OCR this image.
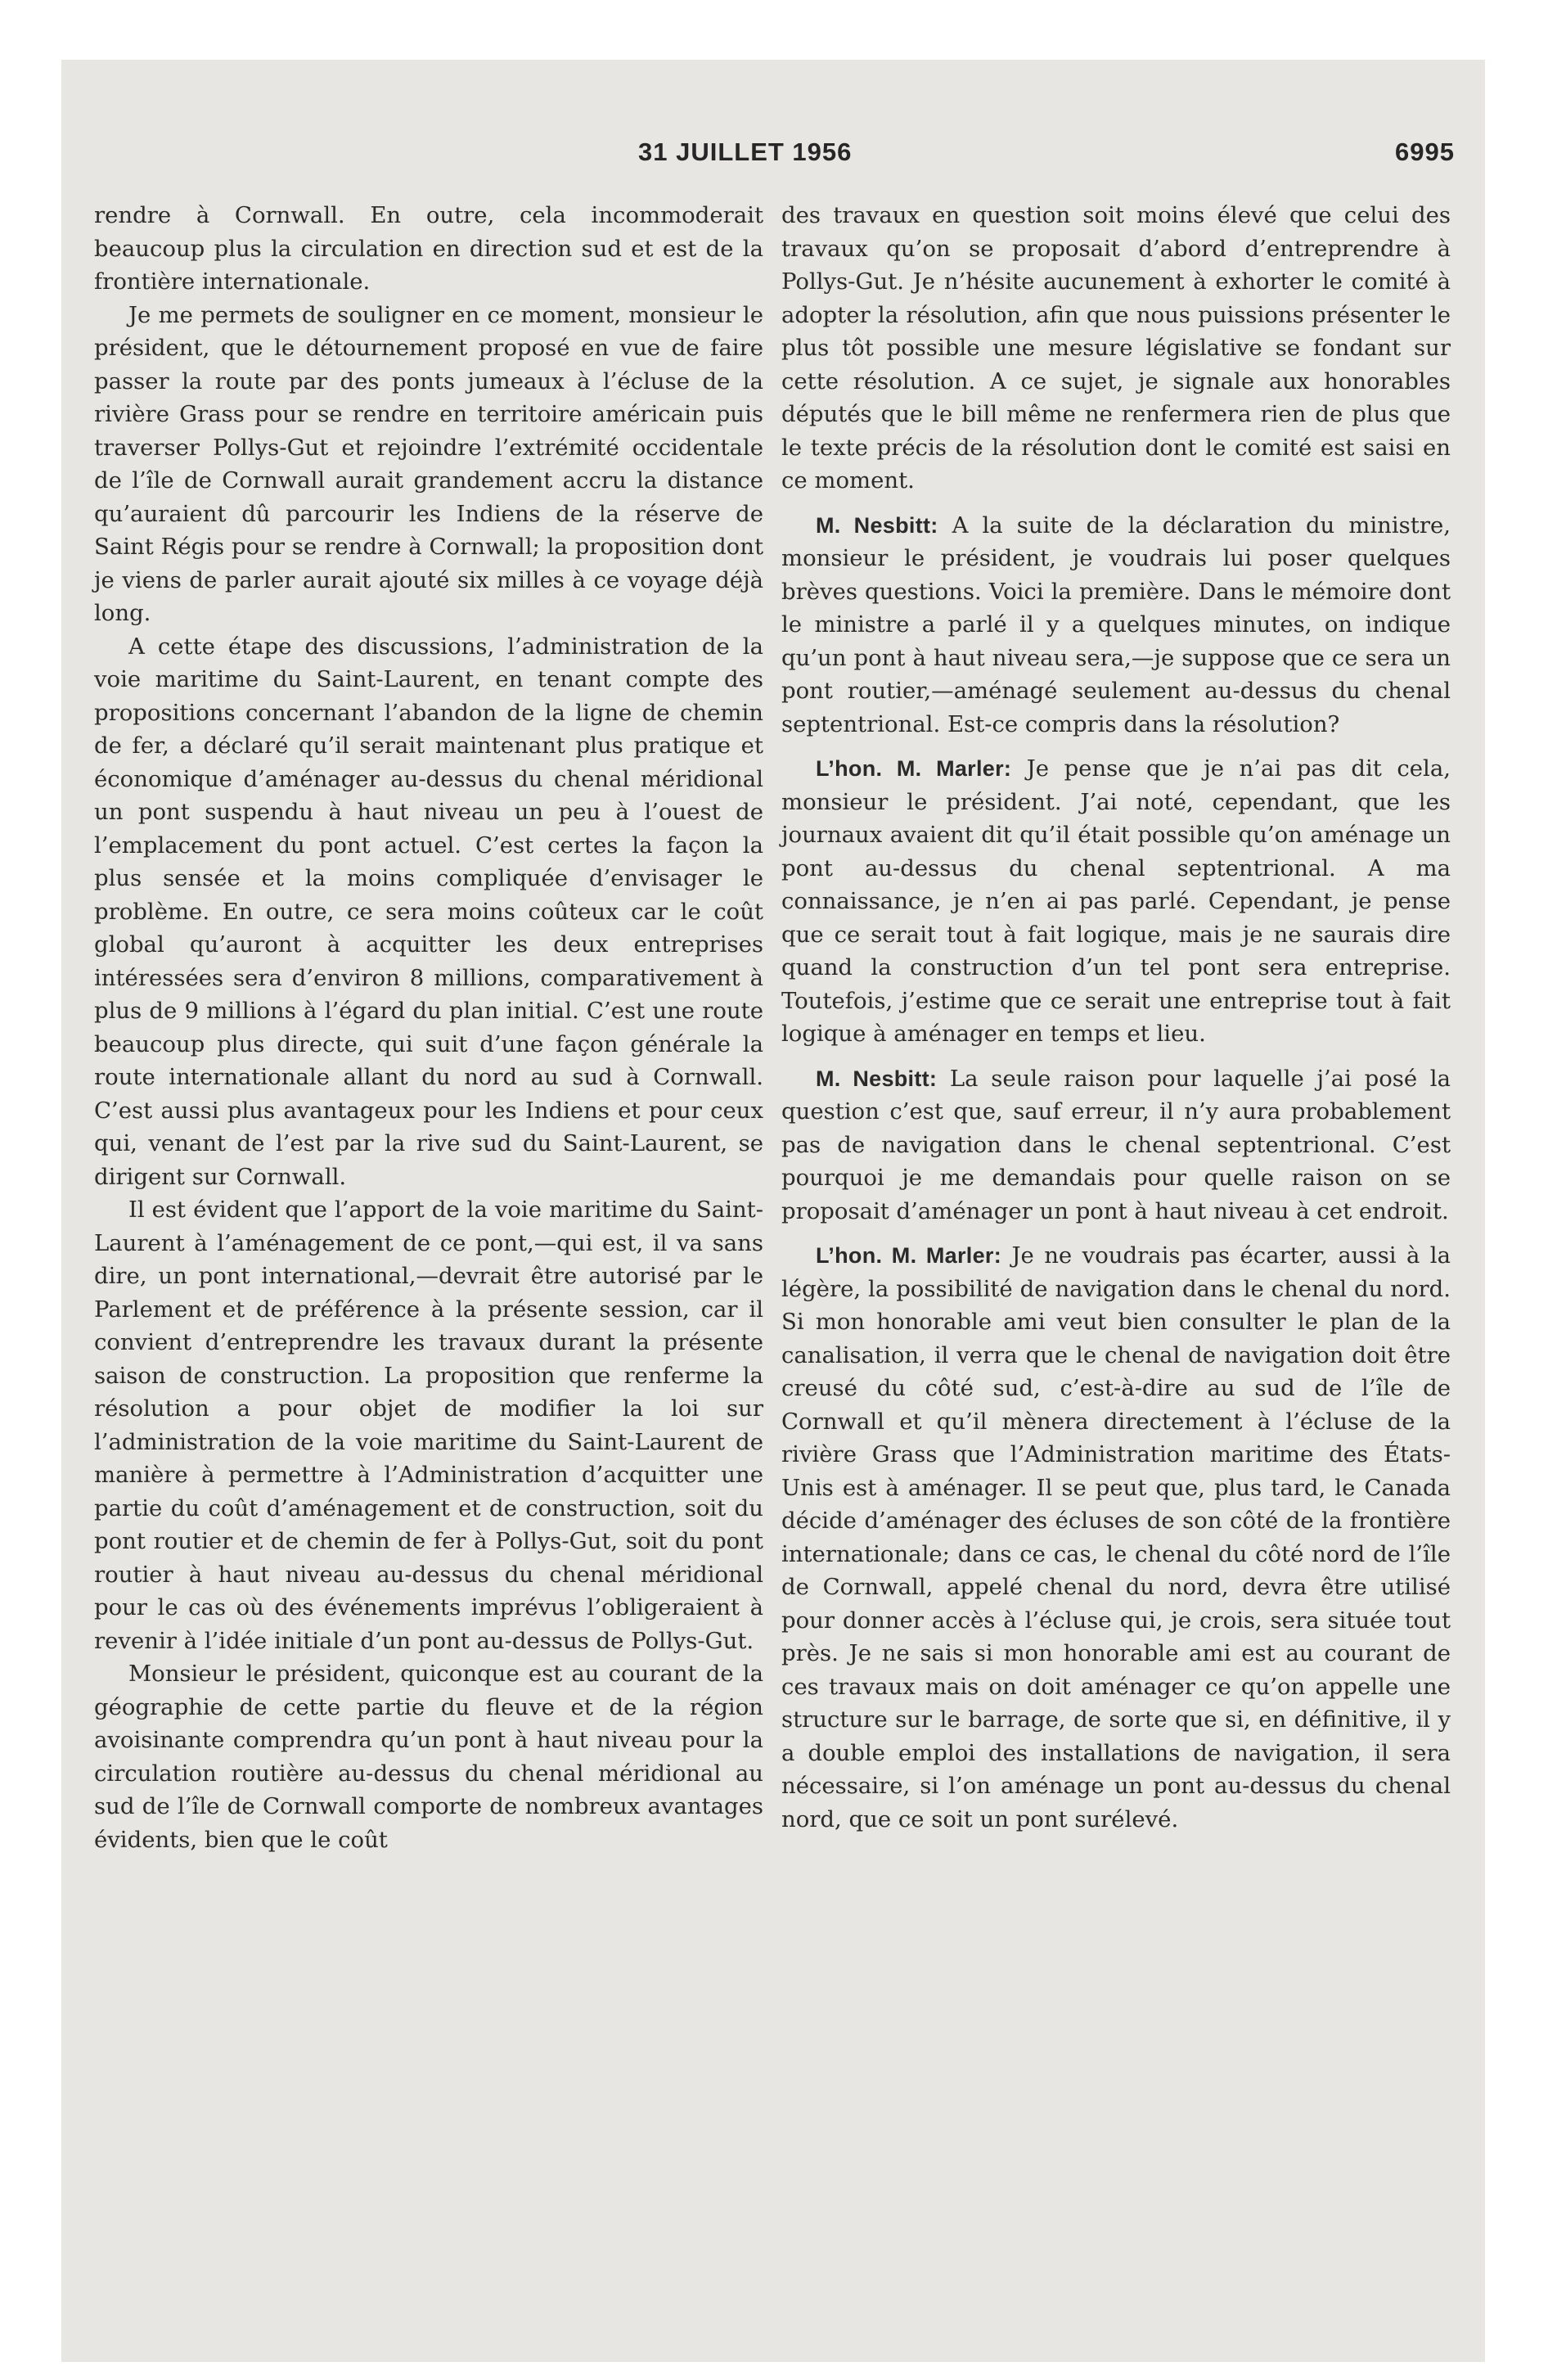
31 JUILLET 1956	6995

rendre à Cornwall. En outre, cela incommoderait beaucoup plus la circulation en direction sud et est de la frontière internationale.

Je me permets de souligner en ce moment, monsieur le président, que le détournement proposé en vue de faire passer la route par des ponts jumeaux à l’écluse de la rivière Grass pour se rendre en territoire américain puis traverser Pollys-Gut et rejoindre l’extrémité occidentale de l’île de Cornwall aurait grandement accru la distance qu’auraient dû parcourir les Indiens de la réserve de Saint Régis pour se rendre à Cornwall; la proposition dont je viens de parler aurait ajouté six milles à ce voyage déjà long.

A cette étape des discussions, l’administration de la voie maritime du Saint-Laurent, en tenant compte des propositions concernant l’abandon de la ligne de chemin de fer, a déclaré qu’il serait maintenant plus pratique et économique d’aménager au-dessus du chenal méridional un pont suspendu à haut niveau un peu à l’ouest de l’emplacement du pont actuel. C’est certes la façon la plus sensée et la moins compliquée d’envisager le problème. En outre, ce sera moins coûteux car le coût global qu’auront à acquitter les deux entreprises intéressées sera d’environ 8 millions, comparativement à plus de 9 millions à l’égard du plan initial. C’est une route beaucoup plus directe, qui suit d’une façon générale la route internationale allant du nord au sud à Cornwall. C’est aussi plus avantageux pour les Indiens et pour ceux qui, venant de l’est par la rive sud du Saint-Laurent, se dirigent sur Cornwall.

Il est évident que l’apport de la voie maritime du Saint-Laurent à l’aménagement de ce pont,—qui est, il va sans dire, un pont international,—devrait être autorisé par le Parlement et de préférence à la présente session, car il convient d’entreprendre les travaux durant la présente saison de construction. La proposition que renferme la résolution a pour objet de modifier la loi sur l’administration de la voie maritime du Saint-Laurent de manière à permettre à l’Administration d’acquitter une partie du coût d’aménagement et de construction, soit du pont routier et de chemin de fer à Pollys-Gut, soit du pont routier à haut niveau au-dessus du chenal méridional pour le cas où des événements imprévus l’obligeraient à revenir à l’idée initiale d’un pont au-dessus de Pollys-Gut.

Monsieur le président, quiconque est au courant de la géographie de cette partie du fleuve et de la région avoisinante comprendra qu’un pont à haut niveau pour la circulation routière au-dessus du chenal méridional au sud de l’île de Cornwall comporte de nombreux avantages évidents, bien que le coût

des travaux en question soit moins élevé que celui des travaux qu’on se proposait d’abord d’entreprendre à Pollys-Gut. Je n’hésite aucunement à exhorter le comité à adopter la résolution, afin que nous puissions présenter le plus tôt possible une mesure législative se fondant sur cette résolution. A ce sujet, je signale aux honorables députés que le bill même ne renfermera rien de plus que le texte précis de la résolution dont le comité est saisi en ce moment.

M. Nesbitt: A la suite de la déclaration du ministre, monsieur le président, je voudrais lui poser quelques brèves questions. Voici la première. Dans le mémoire dont le ministre a parlé il y a quelques minutes, on indique qu’un pont à haut niveau sera,—je suppose que ce sera un pont routier,—aménagé seulement au-dessus du chenal septentrional. Est-ce compris dans la résolution?

L’hon. M. Marler: Je pense que je n’ai pas dit cela, monsieur le président. J’ai noté, cependant, que les journaux avaient dit qu’il était possible qu’on aménage un pont au-dessus du chenal septentrional. A ma connaissance, je n’en ai pas parlé. Cependant, je pense que ce serait tout à fait logique, mais je ne saurais dire quand la construction d’un tel pont sera entreprise. Toutefois, j’estime que ce serait une entreprise tout à fait logique à aménager en temps et lieu.

M. Nesbitt: La seule raison pour laquelle j’ai posé la question c’est que, sauf erreur, il n’y aura probablement pas de navigation dans le chenal septentrional. C’est pourquoi je me demandais pour quelle raison on se proposait d’aménager un pont à haut niveau à cet endroit.

L’hon. M. Marler: Je ne voudrais pas écarter, aussi à la légère, la possibilité de navigation dans le chenal du nord. Si mon honorable ami veut bien consulter le plan de la canalisation, il verra que le chenal de navigation doit être creusé du côté sud, c’est-à-dire au sud de l’île de Cornwall et qu’il mènera directement à l’écluse de la rivière Grass que l’Administration maritime des États-Unis est à aménager. Il se peut que, plus tard, le Canada décide d’aménager des écluses de son côté de la frontière internationale; dans ce cas, le chenal du côté nord de l’île de Cornwall, appelé chenal du nord, devra être utilisé pour donner accès à l’écluse qui, je crois, sera située tout près. Je ne sais si mon honorable ami est au courant de ces travaux mais on doit aménager ce qu’on appelle une structure sur le barrage, de sorte que si, en définitive, il y a double emploi des installations de navigation, il sera nécessaire, si l’on aménage un pont au-dessus du chenal nord, que ce soit un pont surélevé.
